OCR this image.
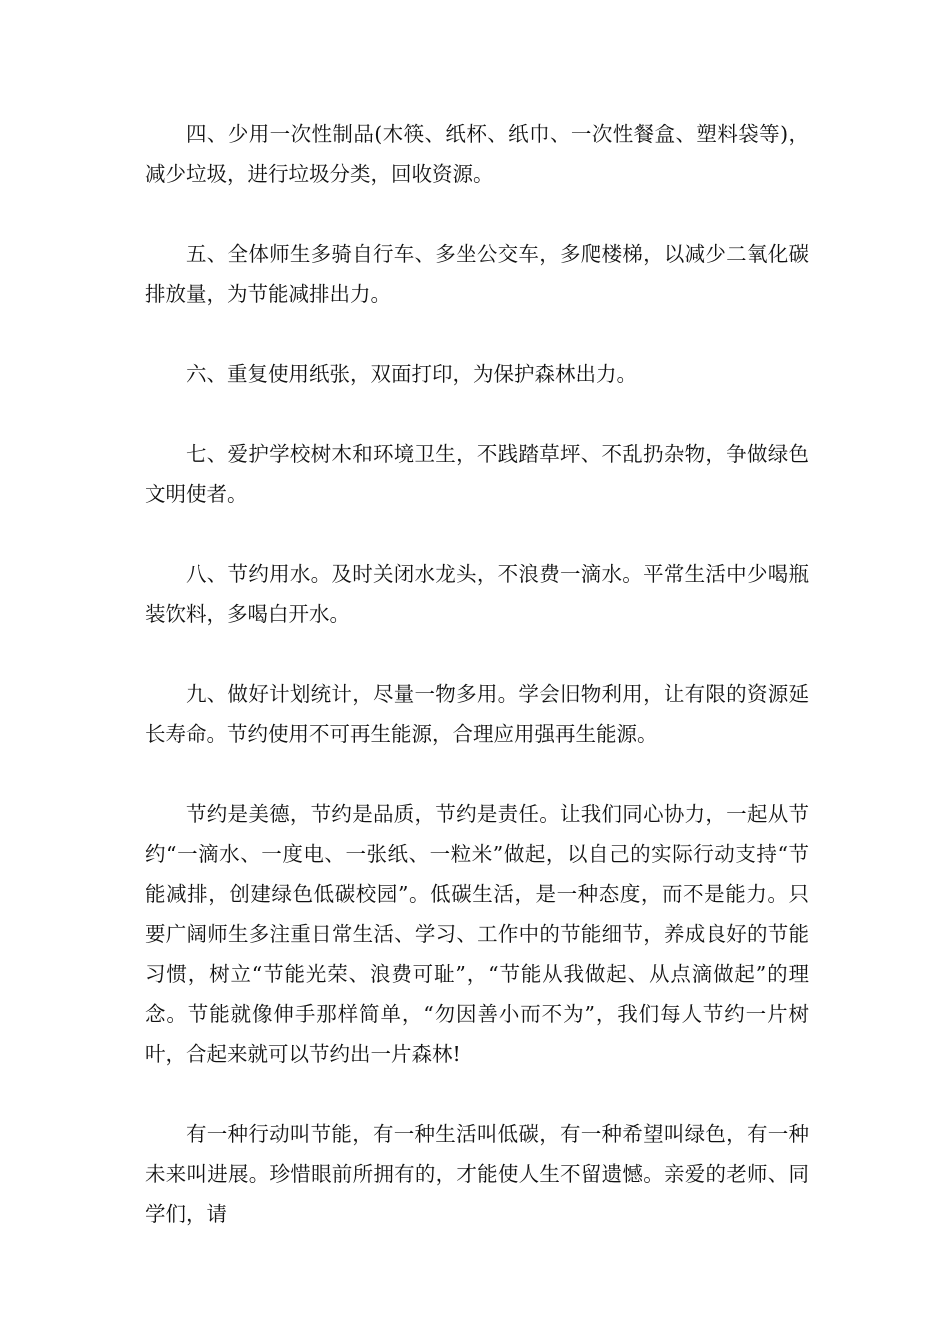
四、少用一次性制品(木筷、纸杯、纸巾、一次性餐盒、塑料袋等)，减少垃圾，进行垃圾分类，回收资源。

五、全体师生多骑自行车、多坐公交车，多爬楼梯，以减少二氧化碳排放量，为节能减排出力。

六、重复使用纸张，双面打印，为保护森林出力。

七、爱护学校树木和环境卫生，不践踏草坪、不乱扔杂物，争做绿色文明使者。

八、节约用水。及时关闭水龙头，不浪费一滴水。平常生活中少喝瓶装饮料，多喝白开水。

九、做好计划统计，尽量一物多用。学会旧物利用，让有限的资源延长寿命。节约使用不可再生能源，合理应用强再生能源。

节约是美德，节约是品质，节约是责任。让我们同心协力，一起从节约“一滴水、一度电、一张纸、一粒米”做起，以自己的实际行动支持“节能减排，创建绿色低碳校园”。低碳生活，是一种态度，而不是能力。只要广阔师生多注重日常生活、学习、工作中的节能细节，养成良好的节能习惯，树立“节能光荣、浪费可耻”，“节能从我做起、从点滴做起”的理念。节能就像伸手那样简单，“勿因善小而不为”，我们每人节约一片树叶，合起来就可以节约出一片森林!

有一种行动叫节能，有一种生活叫低碳，有一种希望叫绿色，有一种未来叫进展。珍惜眼前所拥有的，才能使人生不留遗憾。亲爱的老师、同学们，请
